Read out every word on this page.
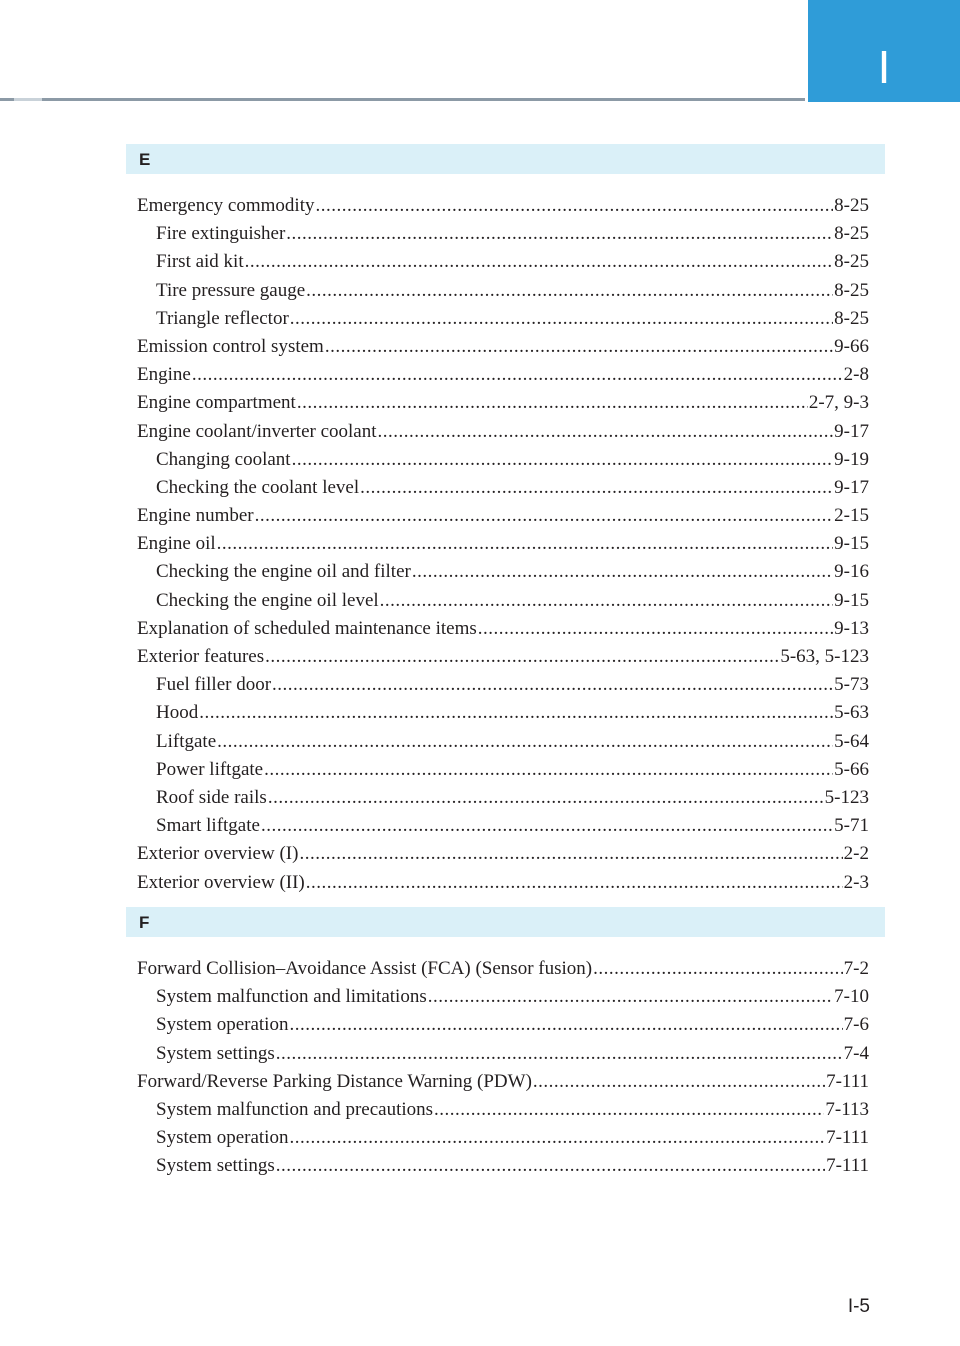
I
E
Emergency commodity .....	8-25
Fire extinguisher .....	8-25
First aid kit .....	8-25
Tire pressure gauge .....	8-25
Triangle reflector .....	8-25
Emission control system .....	9-66
Engine .....	2-8
Engine compartment .....	2-7, 9-3
Engine coolant/inverter coolant .....	9-17
Changing coolant .....	9-19
Checking the coolant level .....	9-17
Engine number .....	2-15
Engine oil .....	9-15
Checking the engine oil and filter .....	9-16
Checking the engine oil level .....	9-15
Explanation of scheduled maintenance items .....	9-13
Exterior features .....	5-63, 5-123
Fuel filler door .....	5-73
Hood .....	5-63
Liftgate .....	5-64
Power liftgate .....	5-66
Roof side rails .....	5-123
Smart liftgate .....	5-71
Exterior overview (I) .....	2-2
Exterior overview (II) .....	2-3
F
Forward Collision–Avoidance Assist (FCA) (Sensor fusion) .....	7-2
System malfunction and limitations .....	7-10
System operation .....	7-6
System settings .....	7-4
Forward/Reverse Parking Distance Warning (PDW) .....	7-111
System malfunction and precautions .....	7-113
System operation .....	7-111
System settings .....	7-111
I-5
